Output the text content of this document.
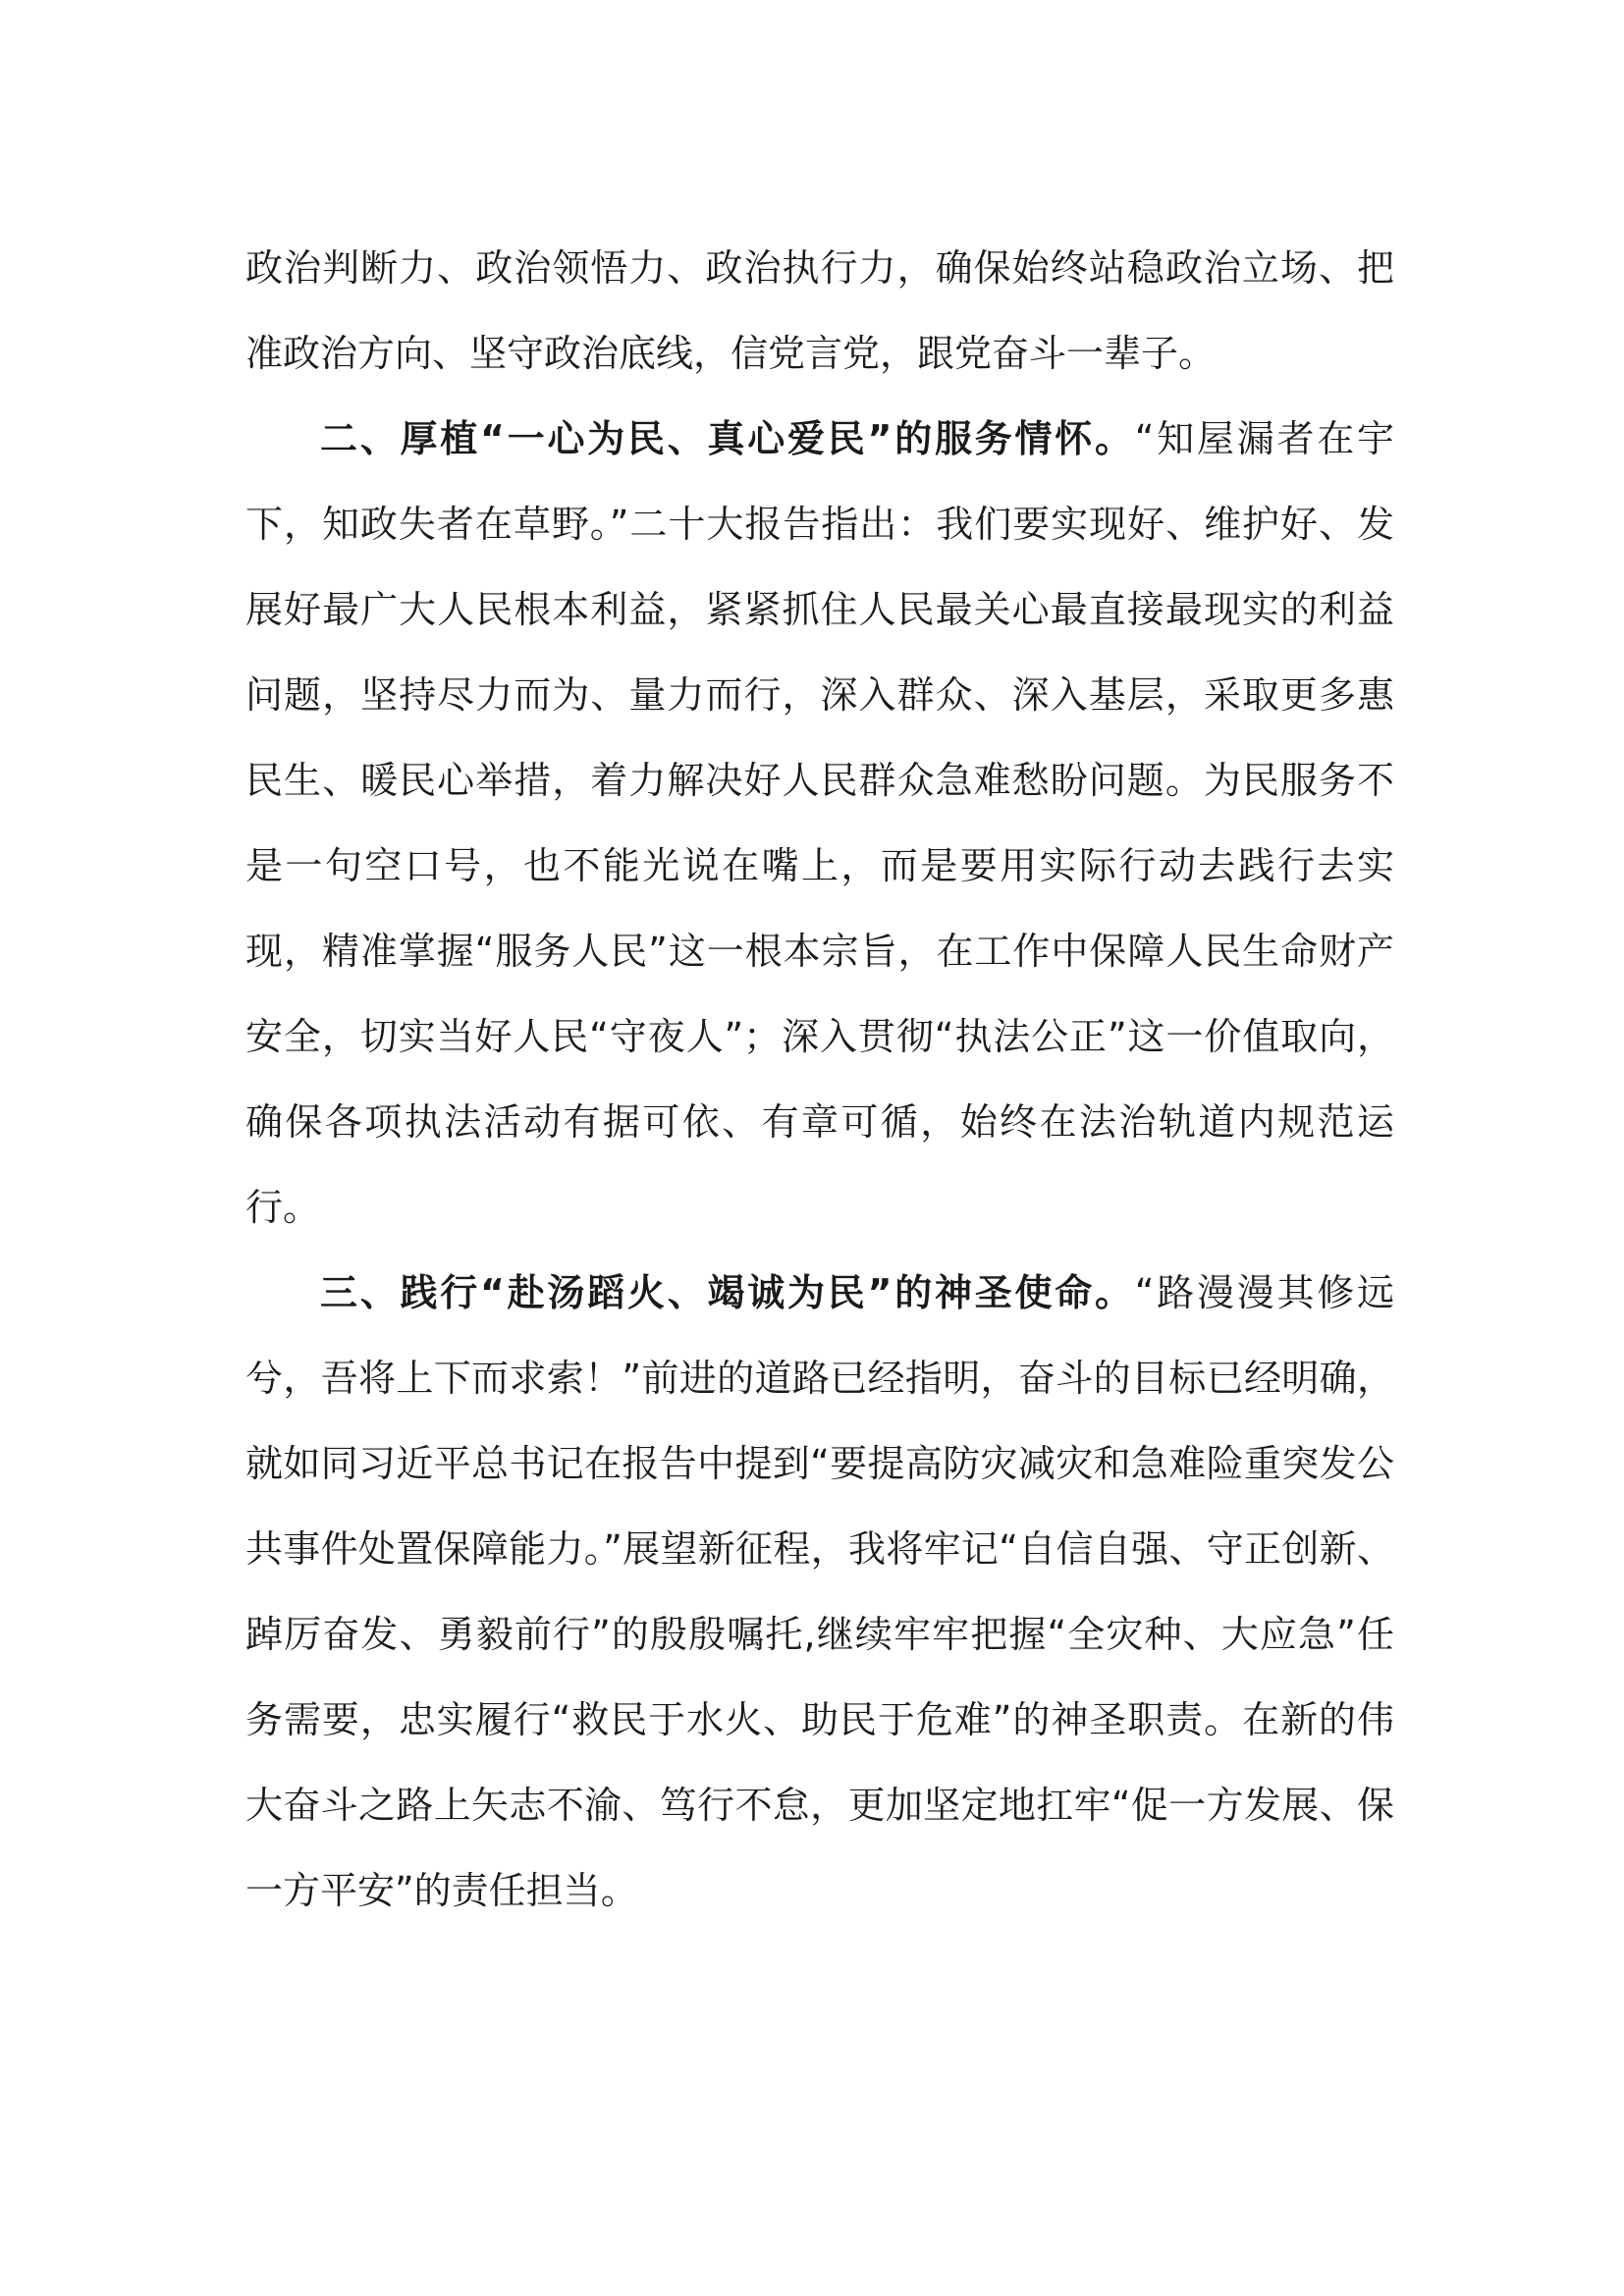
政治判断力、政治领悟力、政治执行力，确保始终站稳政治立场、把准政治方向、坚守政治底线，信党言党，跟党奋斗一辈子。

二、厚植“一心为民、真心爱民”的服务情怀。“知屋漏者在宇下，知政失者在草野。”二十大报告指出：我们要实现好、维护好、发展好最广大人民根本利益，紧紧抓住人民最关心最直接最现实的利益问题，坚持尽力而为、量力而行，深入群众、深入基层，采取更多惠民生、暖民心举措，着力解决好人民群众急难愁盼问题。为民服务不是一句空口号，也不能光说在嘴上，而是要用实际行动去践行去实现，精准掌握“服务人民”这一根本宗旨，在工作中保障人民生命财产安全，切实当好人民“守夜人”；深入贯彻“执法公正”这一价值取向，确保各项执法活动有据可依、有章可循，始终在法治轨道内规范运行。

三、践行“赴汤蹈火、竭诚为民”的神圣使命。“路漫漫其修远兮，吾将上下而求索！”前进的道路已经指明，奋斗的目标已经明确，就如同习近平总书记在报告中提到“要提高防灾减灾和急难险重突发公共事件处置保障能力。”展望新征程，我将牢记“自信自强、守正创新、踔厉奋发、勇毅前行”的殷殷嘱托,继续牢牢把握“全灾种、大应急”任务需要，忠实履行“救民于水火、助民于危难”的神圣职责。在新的伟大奋斗之路上矢志不渝、笃行不怠，更加坚定地扛牢“促一方发展、保一方平安”的责任担当。
